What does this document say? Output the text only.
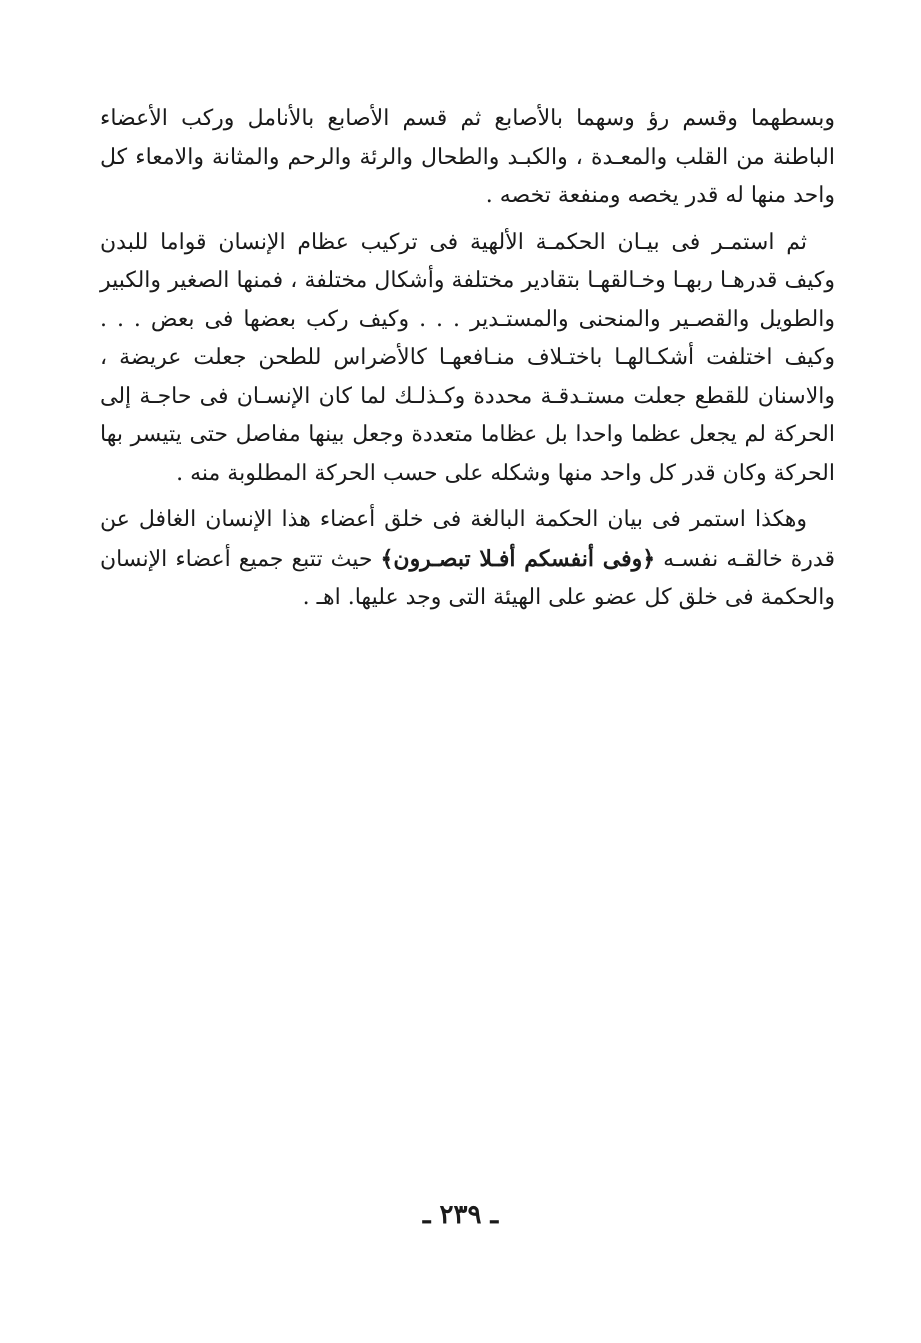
وبسطهما وقسم رؤ وسهما بالأصابع ثم قسم الأصابع بالأنامل وركب الأعضاء الباطنة من القلب والمعـدة ، والكبـد والطحال والرئة والرحم والمثانة والامعاء كل واحد منها له قدر يخصه ومنفعة تخصه .

ثم استمـر فى بيـان الحكمـة الألهية فى تركيب عظام الإنسان قواما للبدن وكيف قدرهـا ربهـا وخـالقهـا بتقادير مختلفة وأشكال مختلفة ، فمنها الصغير والكبير والطويل والقصـير والمنحنى والمستـدير . . . وكيف ركب بعضها فى بعض . . . وكيف اختلفت أشكـالهـا باختـلاف منـافعهـا كالأضراس للطحن جعلت عريضة ، والاسنان للقطع جعلت مستـدقـة محددة وكـذلـك لما كان الإنسـان فى حاجـة إلى الحركة لم يجعل عظما واحدا بل عظاما متعددة وجعل بينها مفاصل حتى يتيسر بها الحركة وكان قدر كل واحد منها وشكله على حسب الحركة المطلوبة منه .

وهكذا استمر فى بيان الحكمة البالغة فى خلق أعضاء هذا الإنسان الغافل عن قدرة خالقـه نفسـه ﴿وفى أنفسكم أفـلا تبصـرون﴾ حيث تتبع جميع أعضاء الإنسان والحكمة فى خلق كل عضو على الهيئة التى وجد عليها. اهـ .

ـ ٢٣٩ ـ
